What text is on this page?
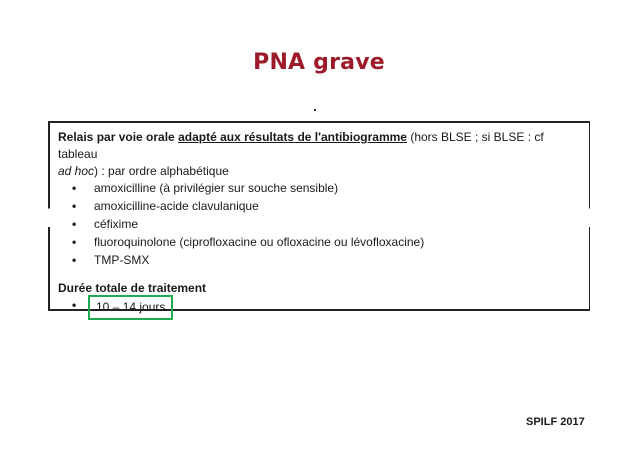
PNA grave
Relais par voie orale adapté aux résultats de l'antibiogramme (hors BLSE ; si BLSE : cf tableau
ad hoc) : par ordre alphabétique
• amoxicilline (à privilégier sur souche sensible)
• amoxicilline-acide clavulanique
• céfixime
• fluoroquinolone (ciprofloxacine ou ofloxacine ou lévofloxacine)
• TMP-SMX
Durée totale de traitement
• 10 – 14 jours
SPILF 2017
